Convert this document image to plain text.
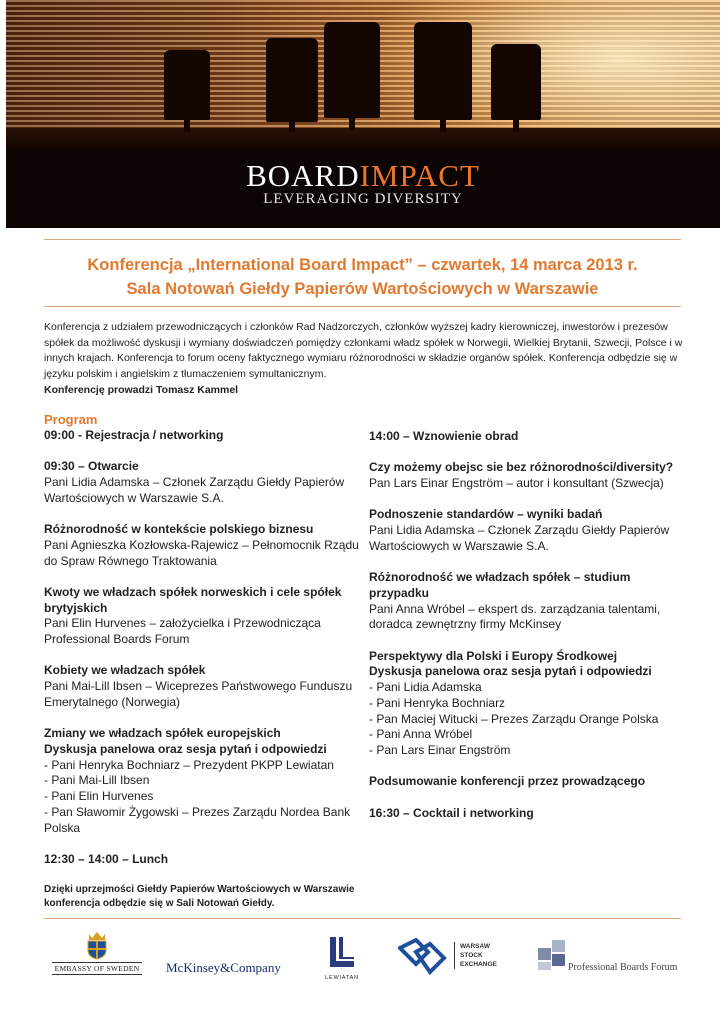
BOARDIMPACT
LEVERAGING DIVERSITY
Konferencja „International Board Impact” – czwartek, 14 marca 2013 r.
Sala Notowań Giełdy Papierów Wartościowych w Warszawie
Konferencja z udziałem przewodniczących i członków Rad Nadzorczych, członków wyższej kadry kierowniczej, inwestorów i prezesów spółek da możliwość dyskusji i wymiany doświadczeń pomiędzy członkami władz spółek w Norwegii, Wielkiej Brytanii, Szwecji, Polsce i w innych krajach. Konferencja to forum oceny faktycznego wymiaru różnorodności w składzie organów spółek. Konferencja odbędzie się w języku polskim i angielskim z tłumaczeniem symultanicznym.
Konferencję prowadzi Tomasz Kammel
Program
09:00 - Rejestracja / networking
09:30 – Otwarcie
Pani Lidia Adamska – Członek Zarządu Giełdy Papierów Wartościowych w Warszawie S.A.
Różnorodność w kontekście polskiego biznesu
Pani Agnieszka Kozłowska-Rajewicz – Pełnomocnik Rządu do Spraw Równego Traktowania
Kwoty we władzach spółek norweskich i cele spółek brytyjskich
Pani Elin Hurvenes – założycielka i Przewodnicząca Professional Boards Forum
Kobiety we władzach spółek
Pani Mai-Lill Ibsen – Wiceprezes Państwowego Funduszu Emerytalnego (Norwegia)
Zmiany we władzach spółek europejskich
Dyskusja panelowa oraz sesja pytań i odpowiedzi
- Pani Henryka Bochniarz – Prezydent PKPP Lewiatan
- Pani Mai-Lill Ibsen
- Pani Elin Hurvenes
- Pan Sławomir Żygowski – Prezes Zarządu Nordea Bank Polska
12:30 – 14:00 – Lunch
Dzięki uprzejmości Giełdy Papierów Wartościowych w Warszawie konferencja odbędzie się w Sali Notowań Giełdy.
14:00 – Wznowienie obrad
Czy możemy obejsc sie bez różnorodności/diversity?
Pan Lars Einar Engström – autor i konsultant (Szwecja)
Podnoszenie standardów – wyniki badań
Pani Lidia Adamska – Członek Zarządu Giełdy Papierów Wartościowych w Warszawie S.A.
Różnorodność we władzach spółek – studium przypadku
Pani Anna Wróbel – ekspert ds. zarządzania talentami, doradca zewnętrzny firmy McKinsey
Perspektywy dla Polski i Europy Środkowej
Dyskusja panelowa oraz sesja pytań i odpowiedzi
- Pani Lidia Adamska
- Pani Henryka Bochniarz
- Pan Maciej Witucki – Prezes Zarządu Orange Polska
- Pani Anna Wróbel
- Pan Lars Einar Engström
Podsumowanie konferencji przez prowadzącego
16:30 – Cocktail i networking
EMBASSY OF SWEDEN McKinsey&Company
LEWIATAN
WARSAW
STOCK
EXCHANGE	Professional Boards Forum
